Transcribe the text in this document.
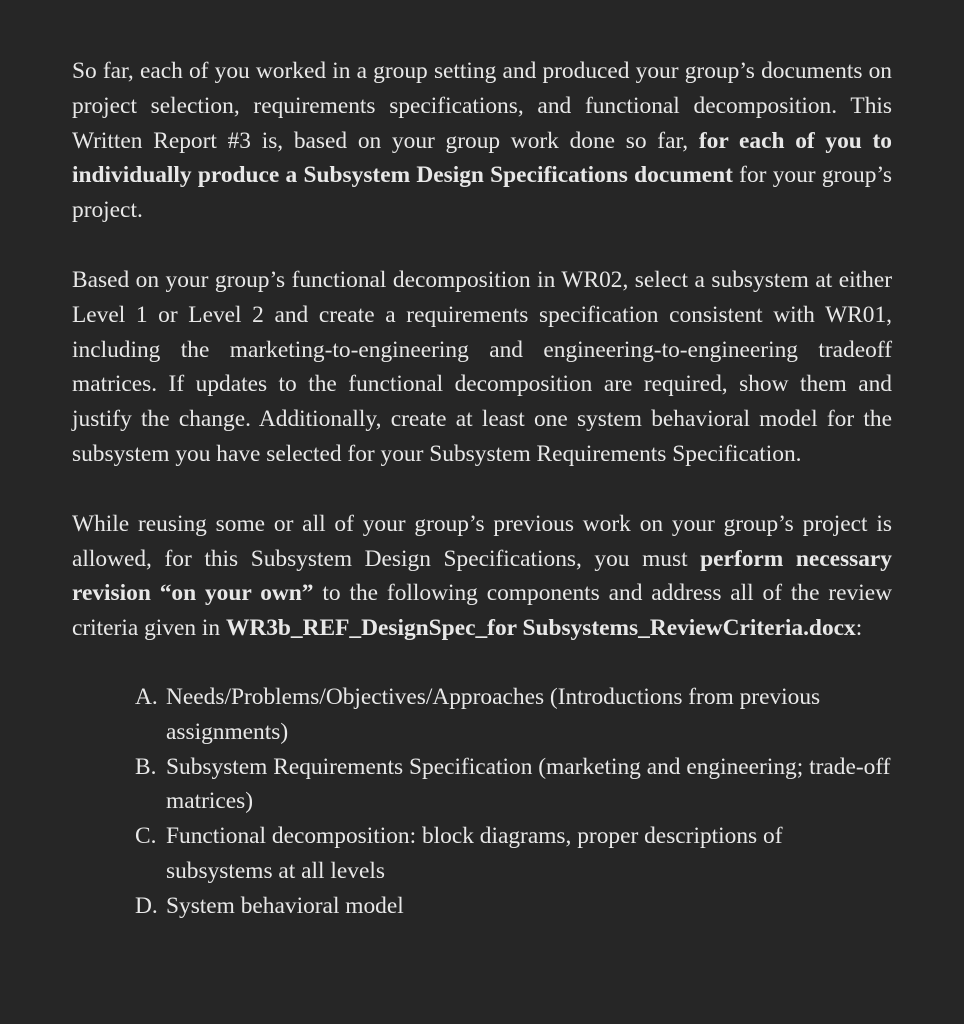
So far, each of you worked in a group setting and produced your group’s documents on project selection, requirements specifications, and functional decomposition. This Written Report #3 is, based on your group work done so far, for each of you to individually produce a Subsystem Design Specifications document for your group’s project.

Based on your group’s functional decomposition in WR02, select a subsystem at either Level 1 or Level 2 and create a requirements specification consistent with WR01, including the marketing-to-engineering and engineering-to-engineering tradeoff matrices. If updates to the functional decomposition are required, show them and justify the change. Additionally, create at least one system behavioral model for the subsystem you have selected for your Subsystem Requirements Specification.

While reusing some or all of your group’s previous work on your group’s project is allowed, for this Subsystem Design Specifications, you must perform necessary revision “on your own” to the following components and address all of the review criteria given in WR3b_REF_DesignSpec_for Subsystems_ReviewCriteria.docx:

A. Needs/Problems/Objectives/Approaches (Introductions from previous assignments)
B. Subsystem Requirements Specification (marketing and engineering; trade-off matrices)
C. Functional decomposition: block diagrams, proper descriptions of subsystems at all levels
D. System behavioral model
